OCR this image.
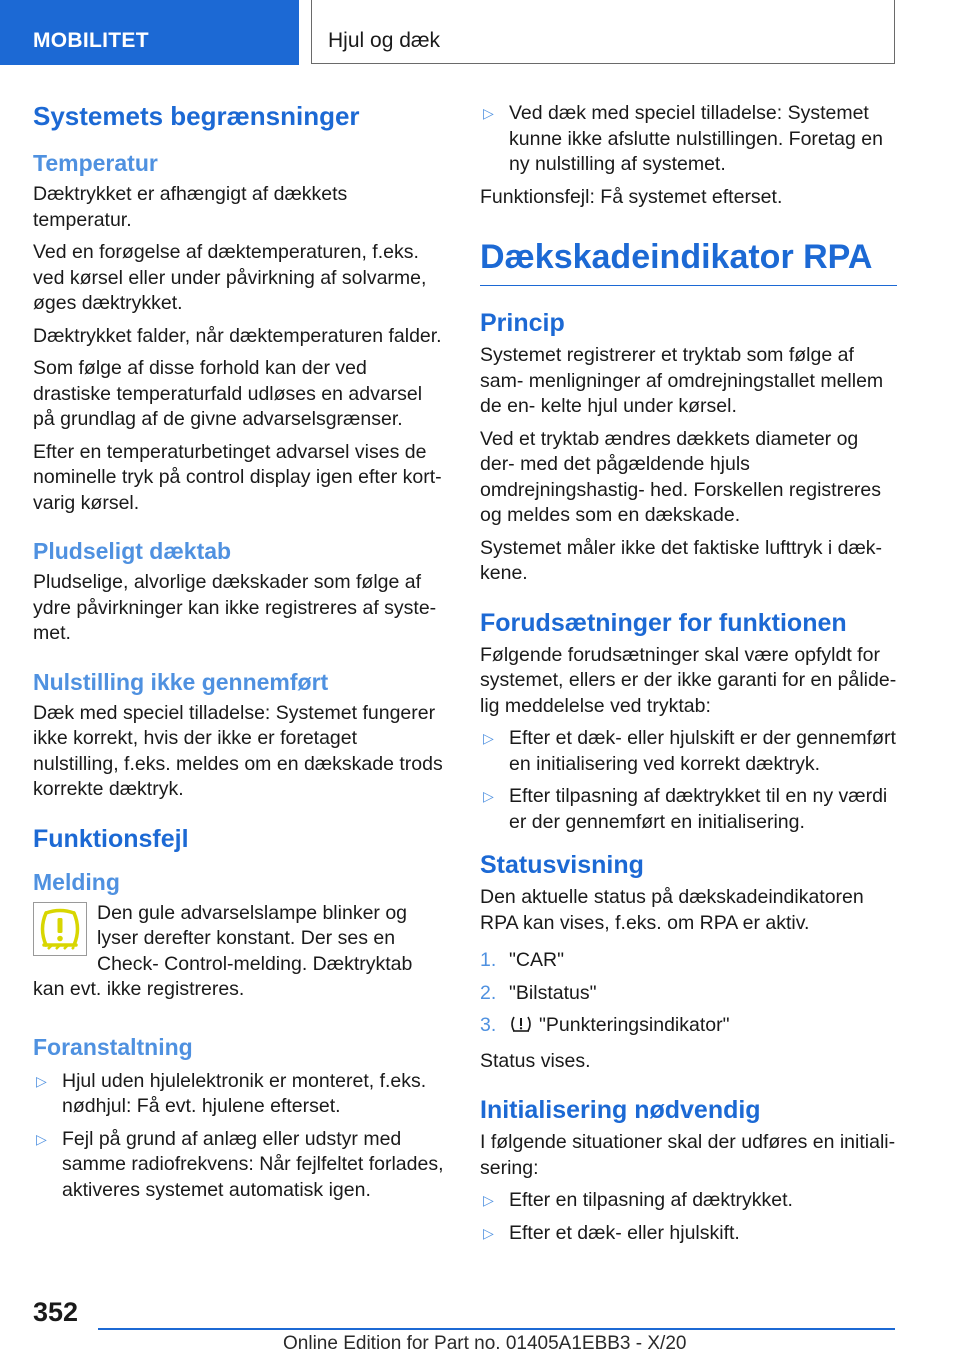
MOBILITET	Hjul og dæk
Systemets begrænsninger
Temperatur

Dæktrykket er afhængigt af dækkets temperatur.

Ved en forøgelse af dæktemperaturen, f.eks. ved kørsel eller under påvirkning af solvarme, øges dæktrykket.

Dæktrykket falder, når dæktemperaturen falder.

Som følge af disse forhold kan der ved drastiske temperaturfald udløses en advarsel på grundlag af de givne advarselsgrænser.

Efter en temperaturbetinget advarsel vises de nominelle tryk på control display igen efter kort- varig kørsel.

Pludseligt dæktab

Pludselige, alvorlige dækskader som følge af ydre påvirkninger kan ikke registreres af syste- met.

Nulstilling ikke gennemført

Dæk med speciel tilladelse: Systemet fungerer ikke korrekt, hvis der ikke er foretaget nulstilling, f.eks. meldes om en dækskade trods korrekte dæktryk.

Funktionsfejl
Melding

Den gule advarselslampe blinker og lyser derefter konstant. Der ses en Check- Control-melding. Dæktryktab kan evt. ikke registreres.

Foranstaltning
▷ Hjul uden hjulelektronik er monteret, f.eks. nødhjul: Få evt. hjulene efterset.
▷ Fejl på grund af anlæg eller udstyr med samme radiofrekvens: Når fejlfeltet forlades, aktiveres systemet automatisk igen.
▷ Ved dæk med speciel tilladelse: Systemet kunne ikke afslutte nulstillingen. Foretag en ny nulstilling af systemet.

Funktionsfejl: Få systemet efterset.

Dækskadeindikator RPA
Princip

Systemet registrerer et tryktab som følge af sam- menligninger af omdrejningstallet mellem de en- kelte hjul under kørsel.

Ved et tryktab ændres dækkets diameter og der- med det pågældende hjuls omdrejningshastig- hed. Forskellen registreres og meldes som en dækskade.

Systemet måler ikke det faktiske lufttryk i dæk- kene.

Forudsætninger for funktionen

Følgende forudsætninger skal være opfyldt for systemet, ellers er der ikke garanti for en pålide- lig meddelelse ved tryktab:

▷ Efter et dæk- eller hjulskift er der gennemført en initialisering ved korrekt dæktryk.
▷ Efter tilpasning af dæktrykket til en ny værdi er der gennemført en initialisering.
Statusvisning

Den aktuelle status på dækskadeindikatoren RPA kan vises, f.eks. om RPA er aktiv.

1. "CAR"
2. "Bilstatus"
3. "Punkteringsindikator"

Status vises.

Initialisering nødvendig

I følgende situationer skal der udføres en initiali- sering:

▷ Efter en tilpasning af dæktrykket.
▷ Efter et dæk- eller hjulskift.
352
Online Edition for Part no. 01405A1EBB3 - X/20
